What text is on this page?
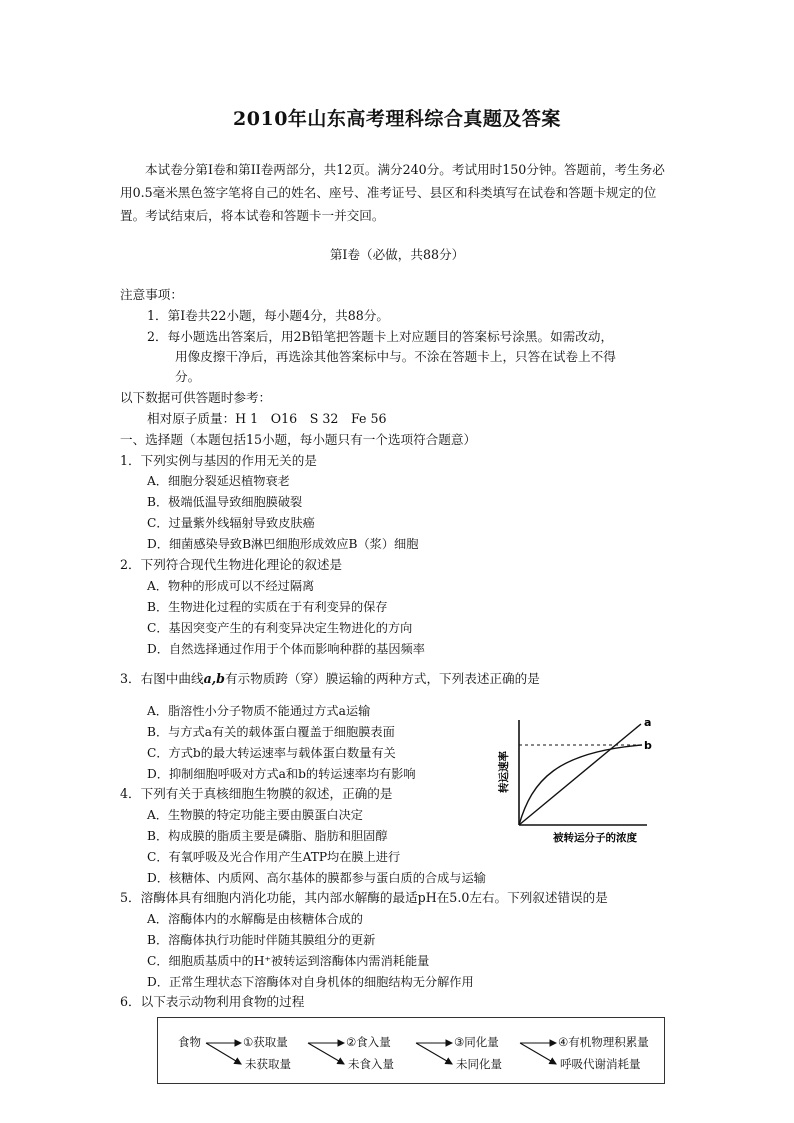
2010年山东高考理科综合真题及答案
本试卷分第Ⅰ卷和第II卷两部分，共12页。满分240分。考试用时150分钟。答题前，考生务必用0.5毫米黑色签字笔将自己的姓名、座号、准考证号、县区和科类填写在试卷和答题卡规定的位置。考试结束后，将本试卷和答题卡一并交回。
第Ⅰ卷（必做，共88分）
注意事项：
1．第Ⅰ卷共22小题，每小题4分，共88分。
2．每小题选出答案后，用2B铅笔把答题卡上对应题目的答案标号涂黑。如需改动，
用像皮擦干净后，再选涂其他答案标中与。不涂在答题卡上，只答在试卷上不得
分。
以下数据可供答题时参考：
相对原子质量：H 1　O16　S 32　Fe 56
一、选择题（本题包括15小题，每小题只有一个选项符合题意）
1．下列实例与基因的作用无关的是
A．细胞分裂延迟植物衰老
B．极端低温导致细胞膜破裂
C．过量紫外线辐射导致皮肤癌
D．细菌感染导致B淋巴细胞形成效应B（浆）细胞
2．下列符合现代生物进化理论的叙述是
A．物种的形成可以不经过隔离
B．生物进化过程的实质在于有利变异的保存
C．基因突变产生的有利变异决定生物进化的方向
D．自然选择通过作用于个体而影响种群的基因频率
3．右图中曲线a,b有示物质跨（穿）膜运输的两种方式，下列表述正确的是
A．脂溶性小分子物质不能通过方式a运输
B．与方式a有关的载体蛋白覆盖于细胞膜表面
C．方式b的最大转运速率与载体蛋白数量有关
D．抑制细胞呼吸对方式a和b的转运速率均有影响
4．下列有关于真核细胞生物膜的叙述，正确的是
A．生物膜的特定功能主要由膜蛋白决定
B．构成膜的脂质主要是磷脂、脂肪和胆固醇
C．有氧呼吸及光合作用产生ATP均在膜上进行
D．核糖体、内质网、高尔基体的膜都参与蛋白质的合成与运输
5．溶酶体具有细胞内消化功能，其内部水解酶的最适pH在5.0左右。下列叙述错误的是
A．溶酶体内的水解酶是由核糖体合成的
B．溶酶体执行功能时伴随其膜组分的更新
C．细胞质基质中的H⁺被转运到溶酶体内需消耗能量
D．正常生理状态下溶酶体对自身机体的细胞结构无分解作用
6．以下表示动物利用食物的过程
a
b
转运速率
被转运分子的浓度
食物	①获取量
未获取量
②食入量
未食入量
③同化量
未同化量
④有机物理积累量
呼吸代谢消耗量
